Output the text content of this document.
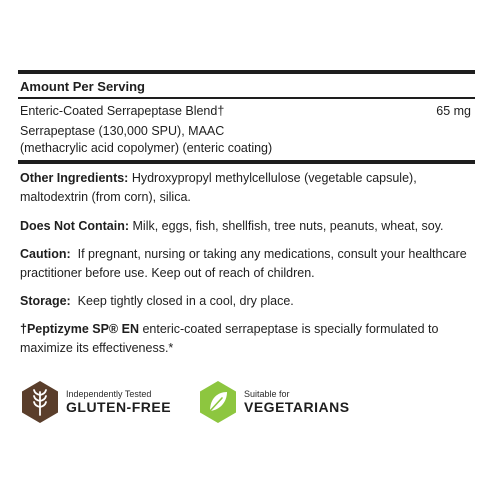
Amount Per Serving
Enteric-Coated Serrapeptase Blend†	65 mg
Serrapeptase (130,000 SPU), MAAC
(methacrylic acid copolymer) (enteric coating)
Other Ingredients: Hydroxypropyl methylcellulose (vegetable capsule), maltodextrin (from corn), silica.
Does Not Contain: Milk, eggs, fish, shellfish, tree nuts, peanuts, wheat, soy.
Caution:  If pregnant, nursing or taking any medications, consult your healthcare practitioner before use. Keep out of reach of children.
Storage:  Keep tightly closed in a cool, dry place.
†Peptizyme SP® EN enteric-coated serrapeptase is specially formulated to maximize its effectiveness.*
Independently Tested
GLUTEN-FREE
Suitable for
VEGETARIANS
